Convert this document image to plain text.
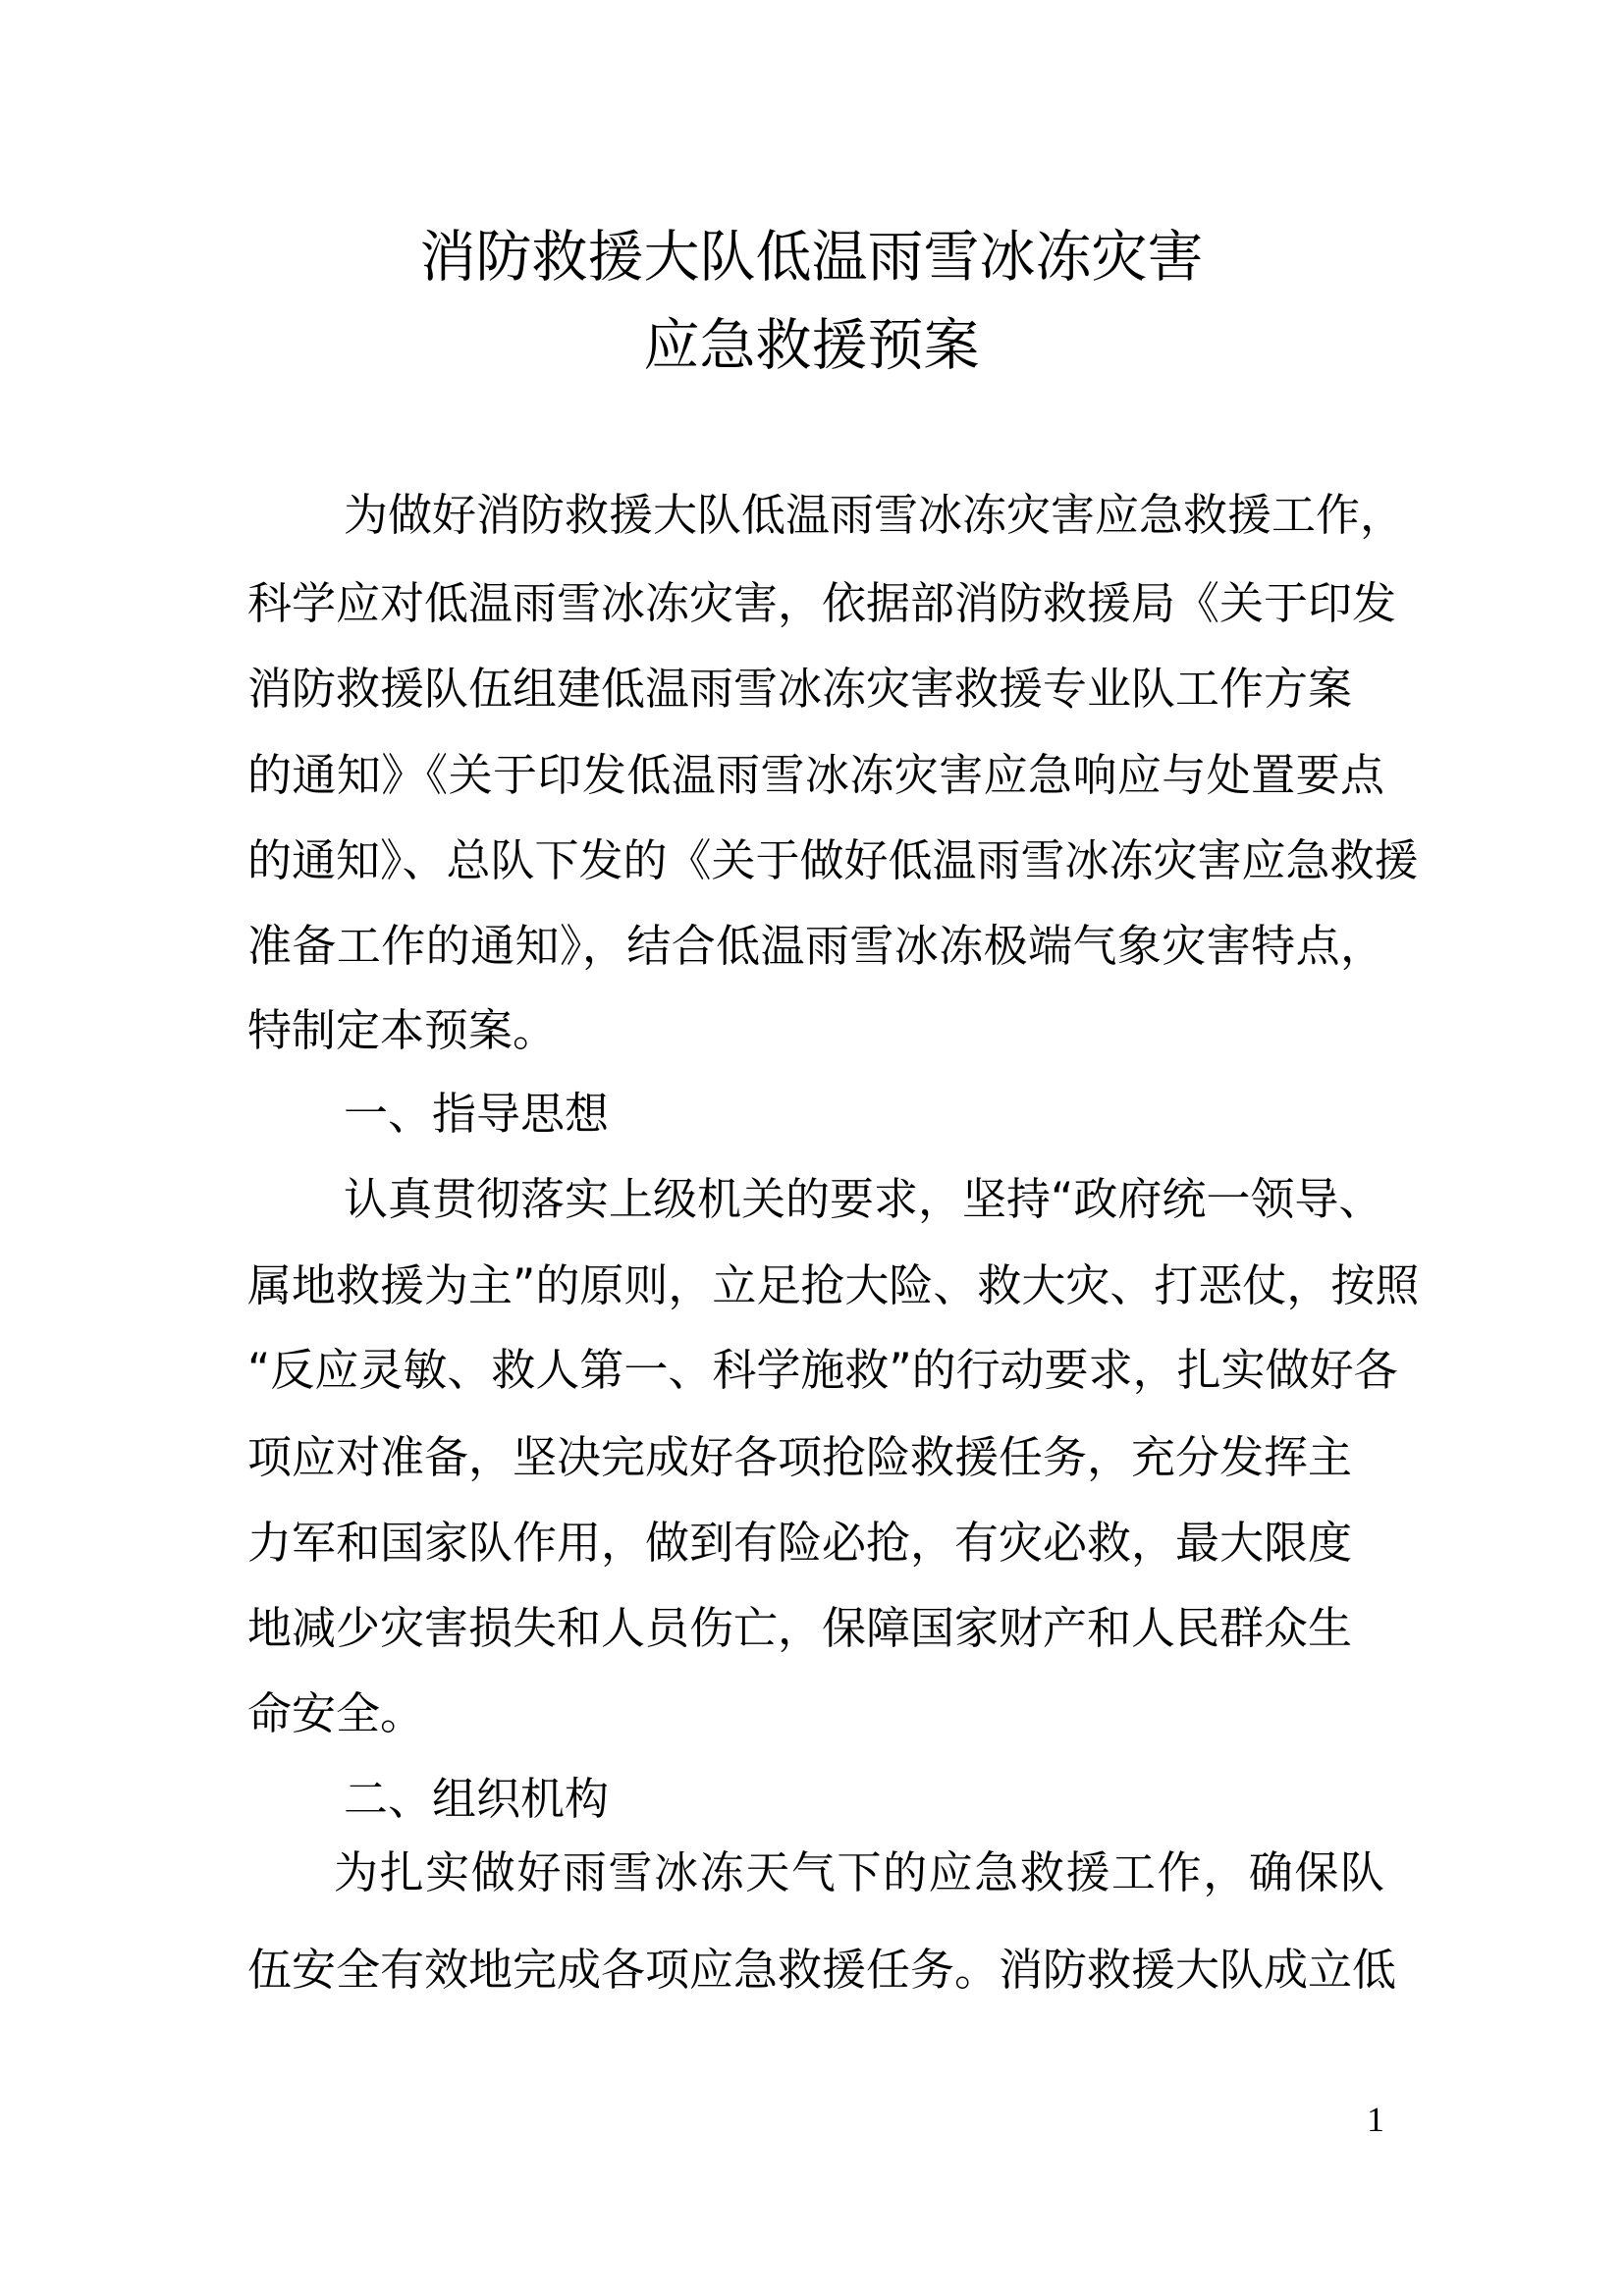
消防救援大队低温雨雪冰冻灾害
应急救援预案
为做好消防救援大队低温雨雪冰冻灾害应急救援工作，
科学应对低温雨雪冰冻灾害，依据部消防救援局《关于印发
消防救援队伍组建低温雨雪冰冻灾害救援专业队工作方案
的通知》《关于印发低温雨雪冰冻灾害应急响应与处置要点
的通知》、总队下发的《关于做好低温雨雪冰冻灾害应急救援
准备工作的通知》，结合低温雨雪冰冻极端气象灾害特点，
特制定本预案。
一、指导思想
认真贯彻落实上级机关的要求，坚持“政府统一领导、
属地救援为主”的原则，立足抢大险、救大灾、打恶仗，按照
“反应灵敏、救人第一、科学施救”的行动要求，扎实做好各
项应对准备，坚决完成好各项抢险救援任务，充分发挥主
力军和国家队作用，做到有险必抢，有灾必救，最大限度
地减少灾害损失和人员伤亡，保障国家财产和人民群众生
命安全。
二、组织机构
为扎实做好雨雪冰冻天气下的应急救援工作，确保队
伍安全有效地完成各项应急救援任务。消防救援大队成立低
1
